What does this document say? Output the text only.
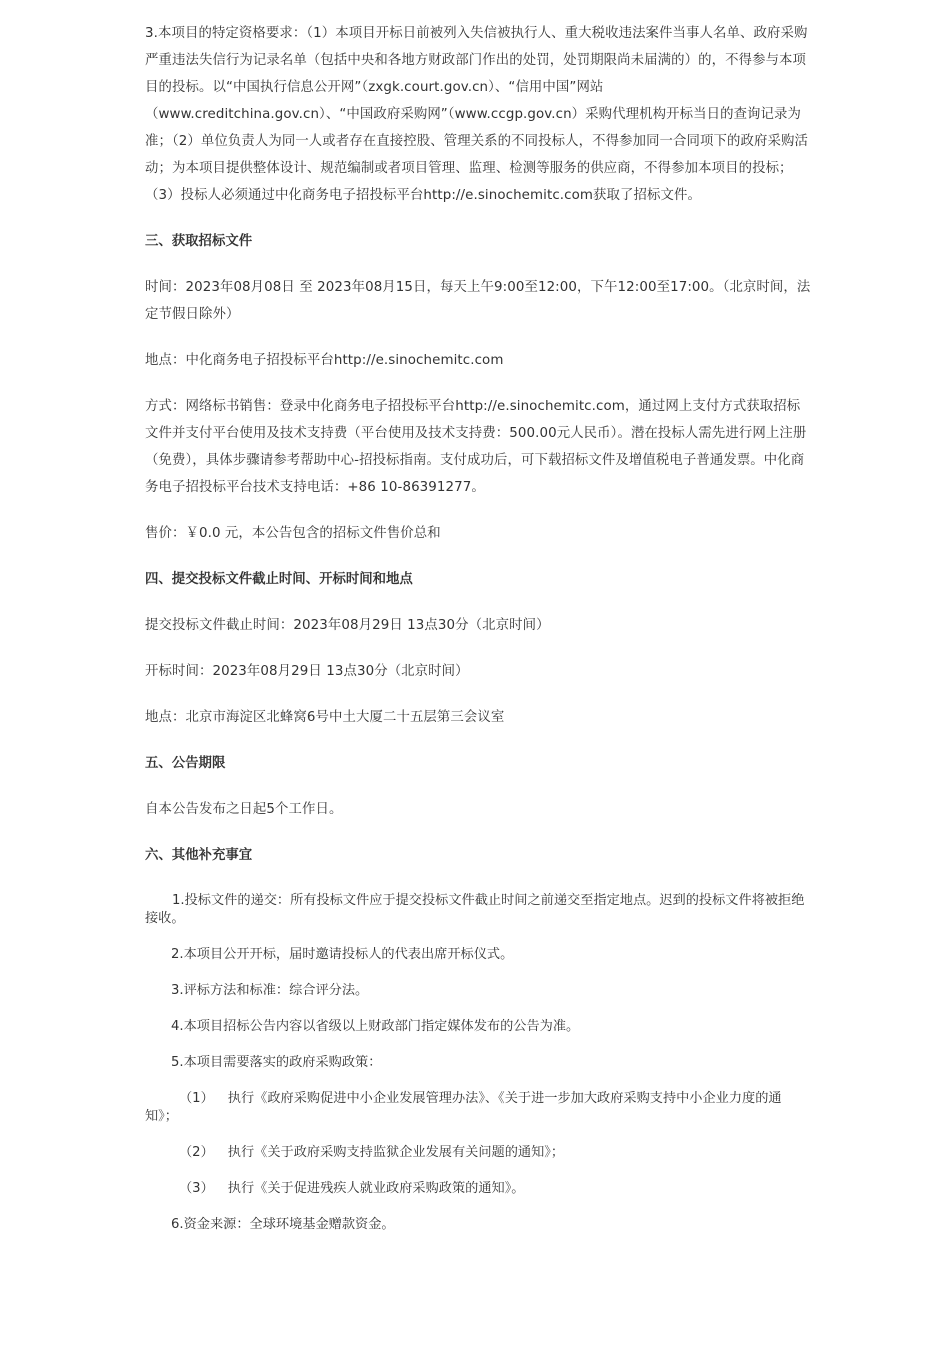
3.本项目的特定资格要求：（1）本项目开标日前被列入失信被执行人、重大税收违法案件当事人名单、政府采购严重违法失信行为记录名单（包括中央和各地方财政部门作出的处罚，处罚期限尚未届满的）的，不得参与本项目的投标。以“中国执行信息公开网”（zxgk.court.gov.cn）、“信用中国”网站（www.creditchina.gov.cn）、“中国政府采购网”（www.ccgp.gov.cn）采购代理机构开标当日的查询记录为准；（2）单位负责人为同一人或者存在直接控股、管理关系的不同投标人，不得参加同一合同项下的政府采购活动；为本项目提供整体设计、规范编制或者项目管理、监理、检测等服务的供应商，不得参加本项目的投标；（3）投标人必须通过中化商务电子招投标平台http://e.sinochemitc.com获取了招标文件。

三、获取招标文件

时间：2023年08月08日 至 2023年08月15日，每天上午9:00至12:00，下午12:00至17:00。（北京时间，法定节假日除外）

地点：中化商务电子招投标平台http://e.sinochemitc.com

方式：网络标书销售：登录中化商务电子招投标平台http://e.sinochemitc.com，通过网上支付方式获取招标文件并支付平台使用及技术支持费（平台使用及技术支持费：500.00元人民币）。潜在投标人需先进行网上注册（免费），具体步骤请参考帮助中心-招投标指南。支付成功后，可下载招标文件及增值税电子普通发票。中化商务电子招投标平台技术支持电话：+86 10-86391277。

售价：￥0.0 元，本公告包含的招标文件售价总和

四、提交投标文件截止时间、开标时间和地点

提交投标文件截止时间：2023年08月29日 13点30分（北京时间）

开标时间：2023年08月29日 13点30分（北京时间）

地点：北京市海淀区北蜂窝6号中土大厦二十五层第三会议室

五、公告期限

自本公告发布之日起5个工作日。

六、其他补充事宜

1.投标文件的递交：所有投标文件应于提交投标文件截止时间之前递交至指定地点。迟到的投标文件将被拒绝接收。

2.本项目公开开标，届时邀请投标人的代表出席开标仪式。

3.评标方法和标准：综合评分法。

4.本项目招标公告内容以省级以上财政部门指定媒体发布的公告为准。

5.本项目需要落实的政府采购政策：

（1） 执行《政府采购促进中小企业发展管理办法》、《关于进一步加大政府采购支持中小企业力度的通知》；

（2） 执行《关于政府采购支持监狱企业发展有关问题的通知》；

（3） 执行《关于促进残疾人就业政府采购政策的通知》。

6.资金来源：全球环境基金赠款资金。
